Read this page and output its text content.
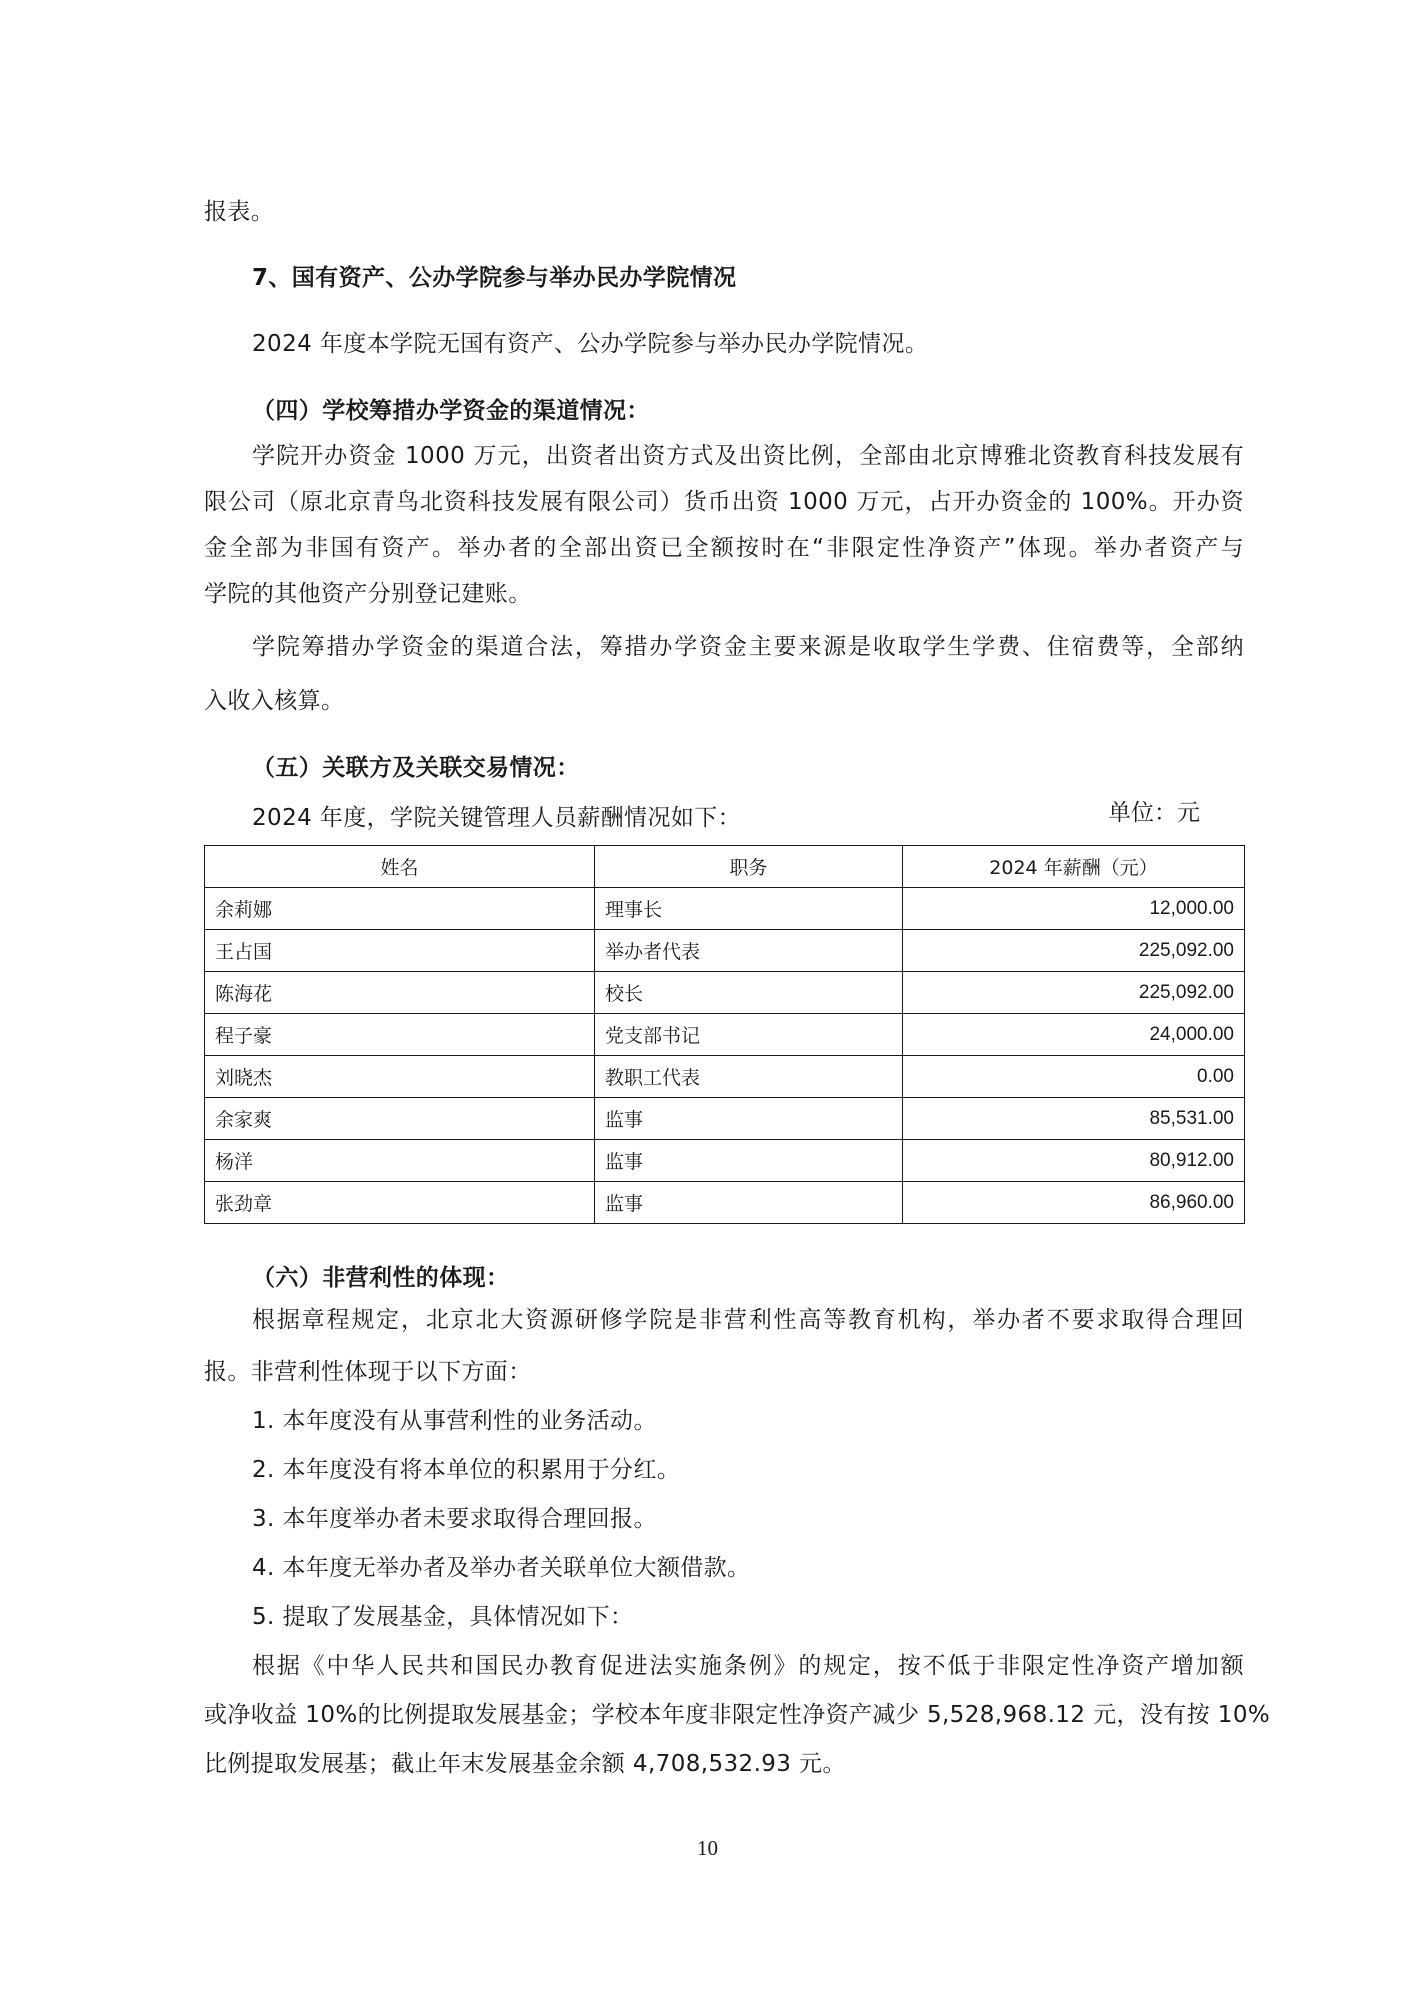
报表。
7、国有资产、公办学院参与举办民办学院情况
2024 年度本学院无国有资产、公办学院参与举办民办学院情况。
（四）学校筹措办学资金的渠道情况：
学院开办资金 1000 万元，出资者出资方式及出资比例，全部由北京博雅北资教育科技发展有
限公司（原北京青鸟北资科技发展有限公司）货币出资 1000 万元，占开办资金的 100%。开办资
金全部为非国有资产。举办者的全部出资已全额按时在“非限定性净资产”体现。举办者资产与
学院的其他资产分别登记建账。
学院筹措办学资金的渠道合法，筹措办学资金主要来源是收取学生学费、住宿费等，全部纳
入收入核算。
（五）关联方及关联交易情况：
2024 年度，学院关键管理人员薪酬情况如下：	单位：元
姓名	职务	2024 年薪酬（元）
余莉娜	理事长	12,000.00
王占国	举办者代表	225,092.00
陈海花	校长	225,092.00
程子豪	党支部书记	24,000.00
刘晓杰	教职工代表	0.00
余家爽	监事	85,531.00
杨洋	监事	80,912.00
张劲章	监事	86,960.00
（六）非营利性的体现：
根据章程规定，北京北大资源研修学院是非营利性高等教育机构，举办者不要求取得合理回
报。非营利性体现于以下方面：
1. 本年度没有从事营利性的业务活动。
2. 本年度没有将本单位的积累用于分红。
3. 本年度举办者未要求取得合理回报。
4. 本年度无举办者及举办者关联单位大额借款。
5. 提取了发展基金，具体情况如下：
根据《中华人民共和国民办教育促进法实施条例》的规定，按不低于非限定性净资产增加额
或净收益 10%的比例提取发展基金；学校本年度非限定性净资产减少 5,528,968.12 元，没有按 10%
比例提取发展基；截止年末发展基金余额 4,708,532.93 元。
10
